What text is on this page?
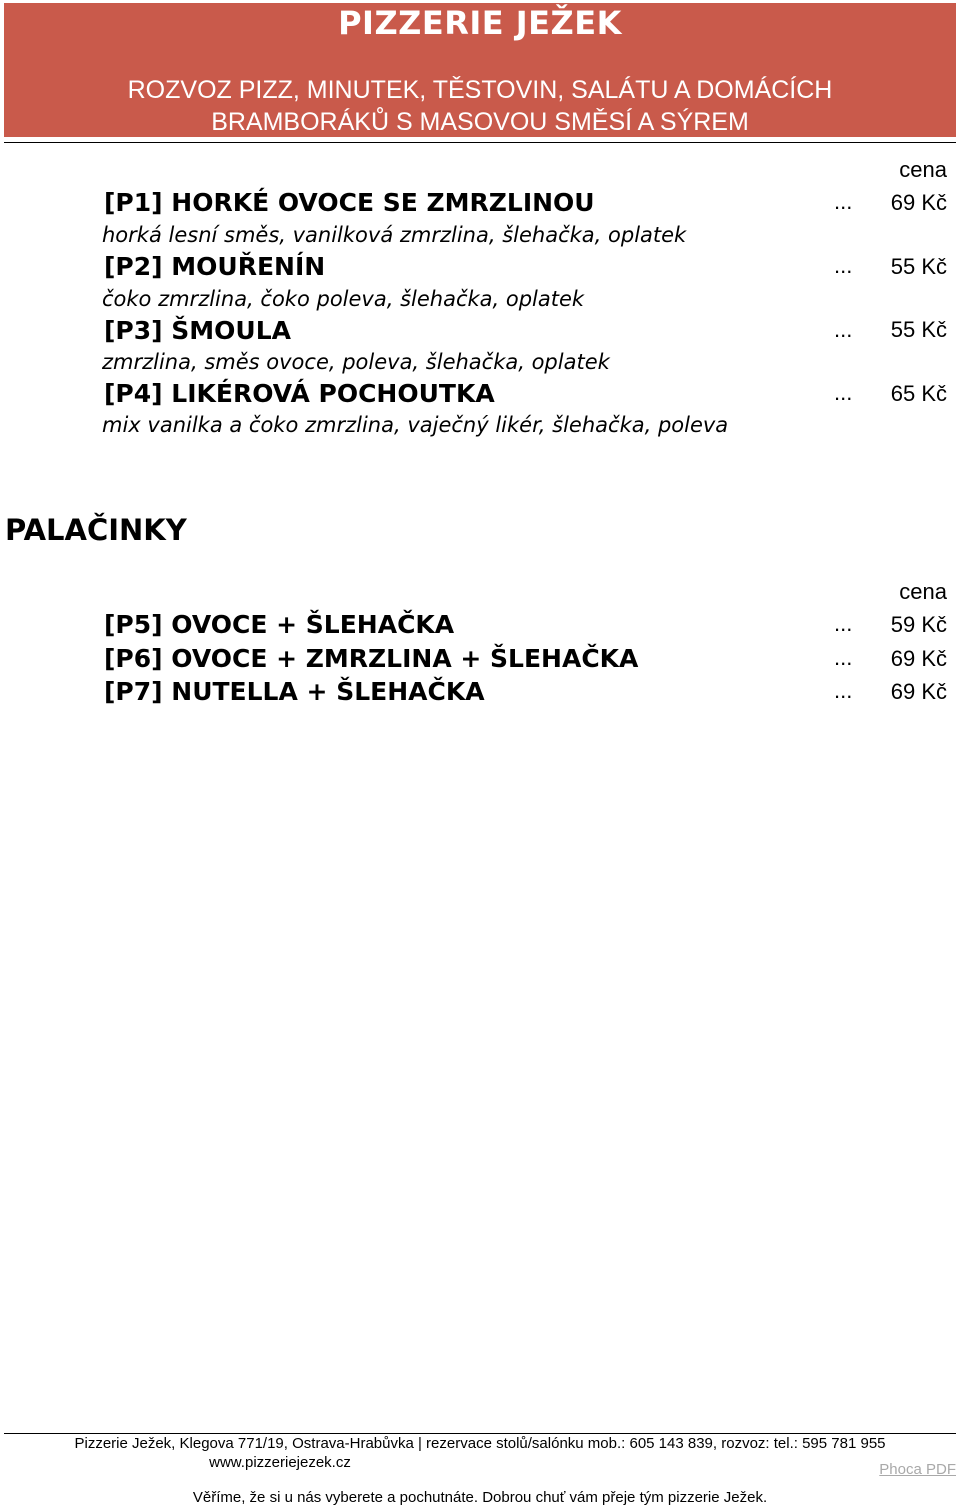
PIZZERIE JEŽEK
ROZVOZ PIZZ, MINUTEK, TĚSTOVIN, SALÁTU A DOMÁCÍCH
BRAMBORÁKŮ S MASOVOU SMĚSÍ A SÝREM
cena
[P1] HORKÉ OVOCE SE ZMRZLINOU	... 69 Kč
horká lesní směs, vanilková zmrzlina, šlehačka, oplatek
[P2] MOUŘENÍN	... 55 Kč
čoko zmrzlina, čoko poleva, šlehačka, oplatek
[P3] ŠMOULA	... 55 Kč
zmrzlina, směs ovoce, poleva, šlehačka, oplatek
[P4] LIKÉROVÁ POCHOUTKA	... 65 Kč
mix vanilka a čoko zmrzlina, vaječný likér, šlehačka, poleva
PALAČINKY
cena
[P5] OVOCE + ŠLEHAČKA	... 59 Kč
[P6] OVOCE + ZMRZLINA + ŠLEHAČKA	... 69 Kč
[P7] NUTELLA + ŠLEHAČKA	... 69 Kč
Pizzerie Ježek, Klegova 771/19, Ostrava-Hrabůvka | rezervace stolů/salónku mob.: 605 143 839, rozvoz: tel.: 595 781 955
www.pizzeriejezek.cz	Phoca PDF
Věříme, že si u nás vyberete a pochutnáte. Dobrou chuť vám přeje tým pizzerie Ježek.
